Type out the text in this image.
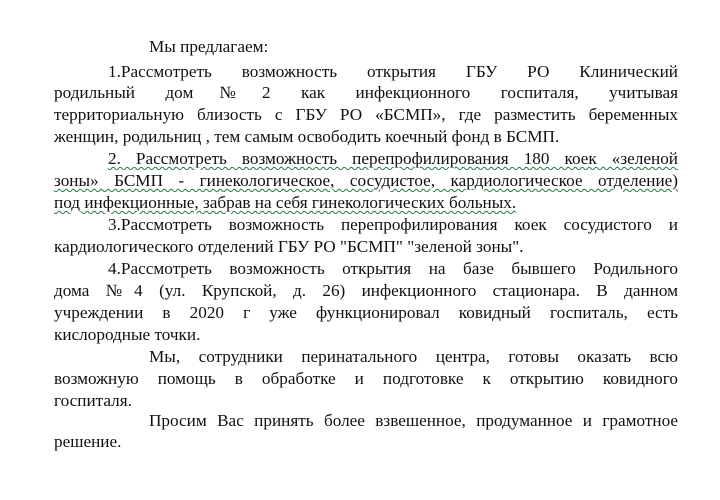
Мы предлагаем:
1.Рассмотреть возможность открытия ГБУ РО Клинический
родильный дом№2 как инфекционного госпиталя, учитывая
территориальную близость с ГБУ РО «БСМП», где разместить беременных
женщин, родильниц , тем самым освободить коечный фонд в БСМП.
2. Рассмотреть возможность перепрофилирования 180 коек «зеленой
зоны» БСМП - гинекологическое, сосудистое, кардиологическое отделение)
под инфекционные, забрав на себя гинекологических больных.
3.Рассмотреть возможность перепрофилирования коек сосудистого и
кардиологического отделений ГБУ РО "БСМП" "зеленой зоны".
4.Рассмотреть возможность открытия на базе бывшего Родильного
дома №4 (ул. Крупской, д. 26) инфекционного стационара. В данном
учреждении в 2020 г уже функционировал ковидный госпиталь, есть
кислородные точки.
Мы, сотрудники перинатального центра, готовы оказать всю
возможную помощь в обработке и подготовке к открытию ковидного
госпиталя.
Просим Вас принять более взвешенное, продуманное и грамотное
решение.
